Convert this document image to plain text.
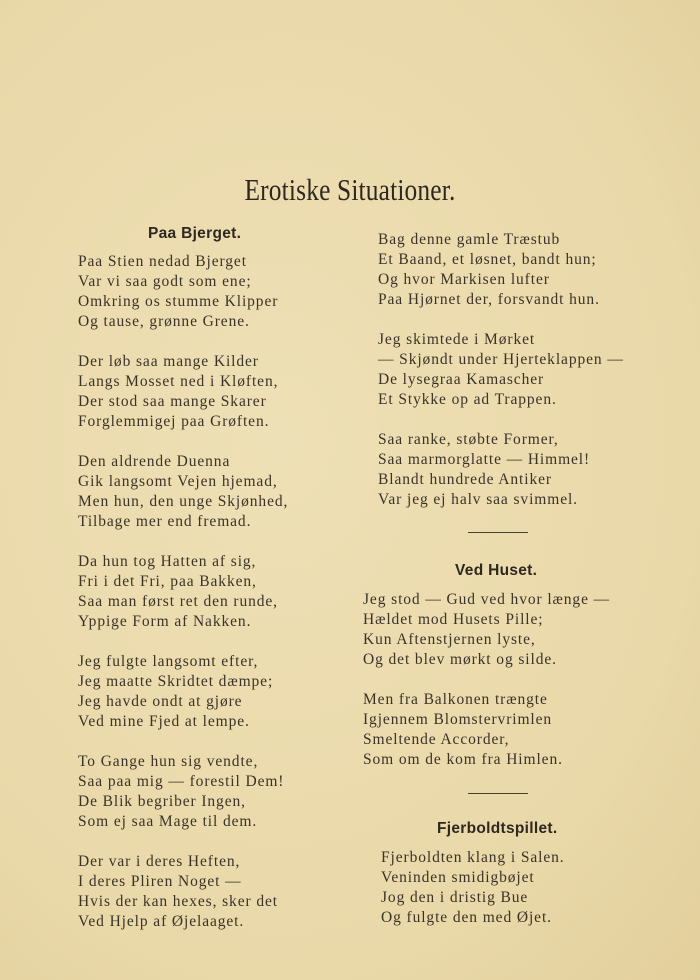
Erotiske Situationer.
Paa Bjerget.
Paa Stien nedad Bjerget
Var vi saa godt som ene;
Omkring os stumme Klipper
Og tause, grønne Grene.
Der løb saa mange Kilder
Langs Mosset ned i Kløften,
Der stod saa mange Skarer
Forglemmigej paa Grøften.
Den aldrende Duenna
Gik langsomt Vejen hjemad,
Men hun, den unge Skjønhed,
Tilbage mer end fremad.
Da hun tog Hatten af sig,
Fri i det Fri, paa Bakken,
Saa man først ret den runde,
Yppige Form af Nakken.
Jeg fulgte langsomt efter,
Jeg maatte Skridtet dæmpe;
Jeg havde ondt at gjøre
Ved mine Fjed at lempe.
To Gange hun sig vendte,
Saa paa mig — forestil Dem!
De Blik begriber Ingen,
Som ej saa Mage til dem.
Der var i deres Heften,
I deres Pliren Noget —
Hvis der kan hexes, sker det
Ved Hjelp af Øjelaaget.
Bag denne gamle Træstub
Et Baand, et løsnet, bandt hun;
Og hvor Markisen lufter
Paa Hjørnet der, forsvandt hun.
Jeg skimtede i Mørket
— Skjøndt under Hjerteklappen —
De lysegraa Kamascher
Et Stykke op ad Trappen.
Saa ranke, støbte Former,
Saa marmorglatte — Himmel!
Blandt hundrede Antiker
Var jeg ej halv saa svimmel.
Ved Huset.
Jeg stod — Gud ved hvor længe —
Hældet mod Husets Pille;
Kun Aftenstjernen lyste,
Og det blev mørkt og silde.
Men fra Balkonen trængte
Igjennem Blomstervrimlen
Smeltende Accorder,
Som om de kom fra Himlen.
Fjerboldtspillet.
Fjerboldten klang i Salen.
Veninden smidigbøjet
Jog den i dristig Bue
Og fulgte den med Øjet.
